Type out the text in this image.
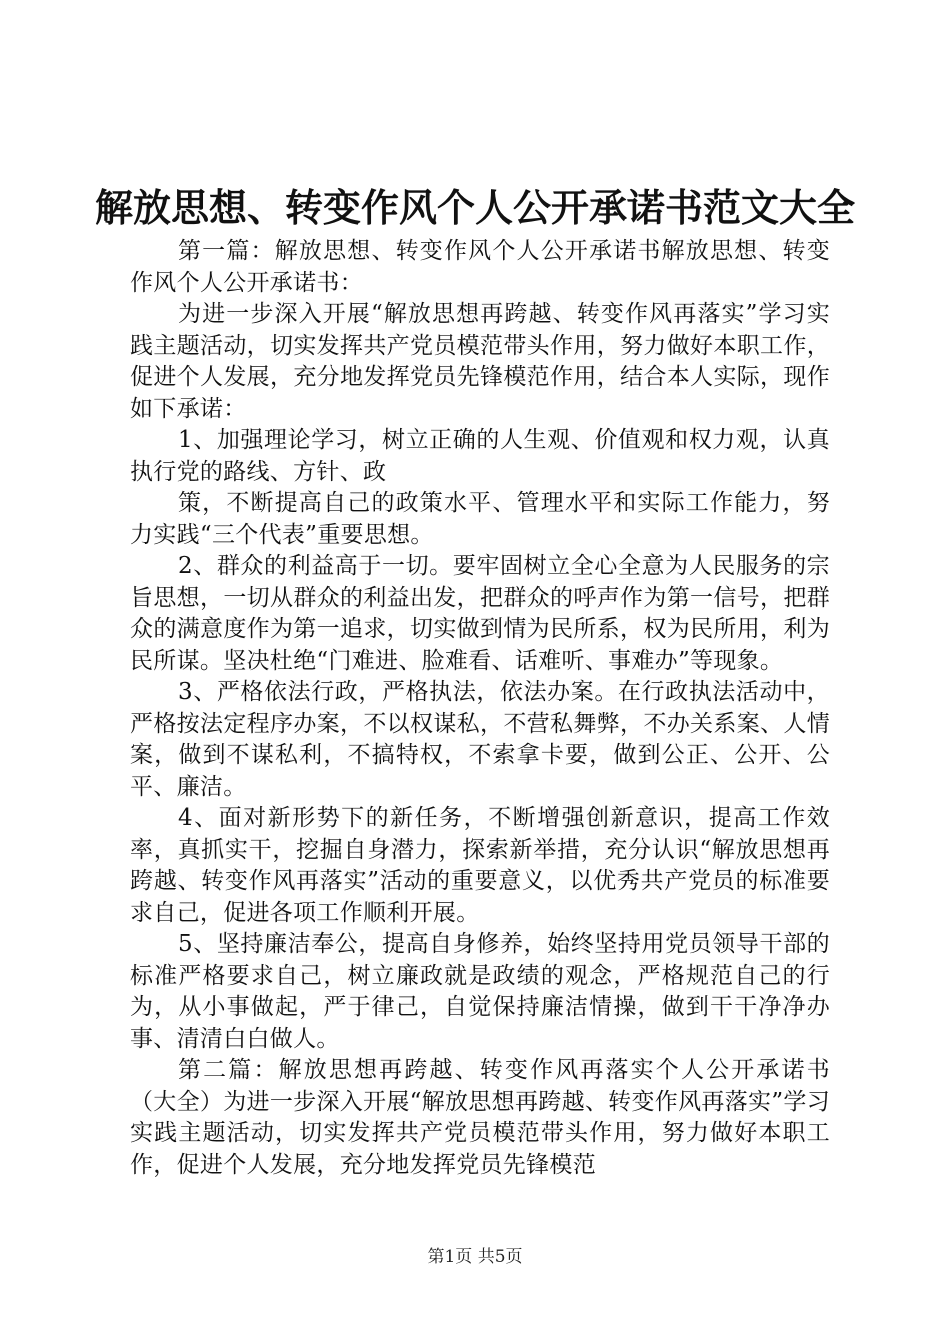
解放思想、转变作风个人公开承诺书范文大全

第一篇：解放思想、转变作风个人公开承诺书解放思想、转变作风个人公开承诺书：

为进一步深入开展“解放思想再跨越、转变作风再落实”学习实践主题活动，切实发挥共产党员模范带头作用，努力做好本职工作，促进个人发展，充分地发挥党员先锋模范作用，结合本人实际，现作如下承诺：

1、加强理论学习，树立正确的人生观、价值观和权力观，认真执行党的路线、方针、政

策，不断提高自己的政策水平、管理水平和实际工作能力，努力实践“三个代表”重要思想。

2、群众的利益高于一切。要牢固树立全心全意为人民服务的宗旨思想，一切从群众的利益出发，把群众的呼声作为第一信号，把群众的满意度作为第一追求，切实做到情为民所系，权为民所用，利为民所谋。坚决杜绝“门难进、脸难看、话难听、事难办”等现象。

3、严格依法行政，严格执法，依法办案。在行政执法活动中，严格按法定程序办案，不以权谋私，不营私舞弊，不办关系案、人情案，做到不谋私利，不搞特权，不索拿卡要，做到公正、公开、公平、廉洁。

4、面对新形势下的新任务，不断增强创新意识，提高工作效率，真抓实干，挖掘自身潜力，探索新举措，充分认识“解放思想再跨越、转变作风再落实”活动的重要意义，以优秀共产党员的标准要求自己，促进各项工作顺利开展。

5、坚持廉洁奉公，提高自身修养，始终坚持用党员领导干部的标准严格要求自己，树立廉政就是政绩的观念，严格规范自己的行为，从小事做起，严于律己，自觉保持廉洁情操，做到干干净净办事、清清白白做人。

第二篇：解放思想再跨越、转变作风再落实个人公开承诺书（大全）为进一步深入开展“解放思想再跨越、转变作风再落实”学习实践主题活动，切实发挥共产党员模范带头作用，努力做好本职工作，促进个人发展，充分地发挥党员先锋模范

第1页 共5页
